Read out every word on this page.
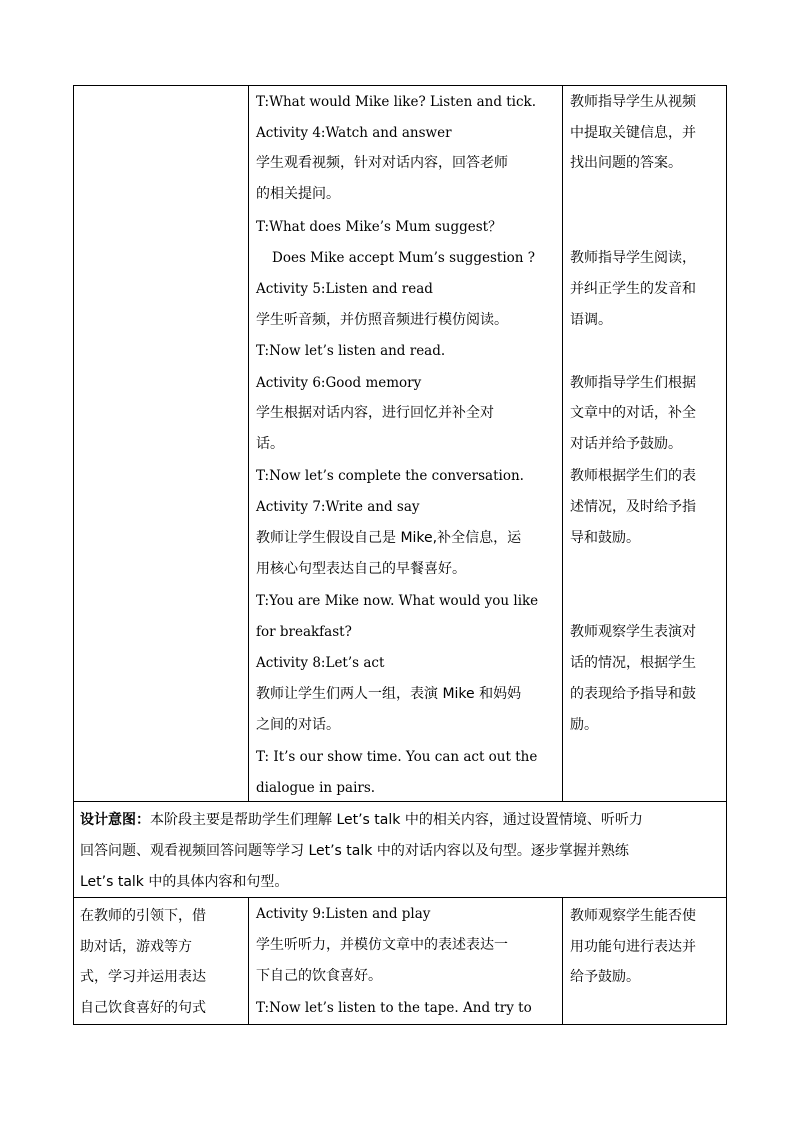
T:What would Mike like? Listen and tick.
Activity 4:Watch and answer
学生观看视频，针对对话内容，回答老师
的相关提问。
T:What does Mike’s Mum suggest？
Does Mike accept Mum’s suggestion ?
Activity 5:Listen and read
学生听音频，并仿照音频进行模仿阅读。
T:Now let’s listen and read.
Activity 6:Good memory
学生根据对话内容，进行回忆并补全对
话。
T:Now let’s complete the conversation.
Activity 7:Write and say
教师让学生假设自己是 Mike,补全信息，运
用核心句型表达自己的早餐喜好。
T:You are Mike now. What would you like
for breakfast?
Activity 8:Let’s act
教师让学生们两人一组，表演 Mike 和妈妈
之间的对话。
T: It’s our show time. You can act out the
dialogue in pairs.
教师指导学生从视频
中提取关键信息，并
找出问题的答案。
教师指导学生阅读，
并纠正学生的发音和
语调。
教师指导学生们根据
文章中的对话，补全
对话并给予鼓励。
教师根据学生们的表
述情况，及时给予指
导和鼓励。
教师观察学生表演对
话的情况，根据学生
的表现给予指导和鼓
励。
设计意图：本阶段主要是帮助学生们理解 Let’s talk 中的相关内容，通过设置情境、听听力
回答问题、观看视频回答问题等学习 Let’s talk 中的对话内容以及句型。逐步掌握并熟练
Let’s talk 中的具体内容和句型。
在教师的引领下，借
助对话，游戏等方
式，学习并运用表达
自己饮食喜好的句式
Activity 9:Listen and play
学生听听力，并模仿文章中的表述表达一
下自己的饮食喜好。
T:Now let’s listen to the tape. And try to
教师观察学生能否使
用功能句进行表达并
给予鼓励。
